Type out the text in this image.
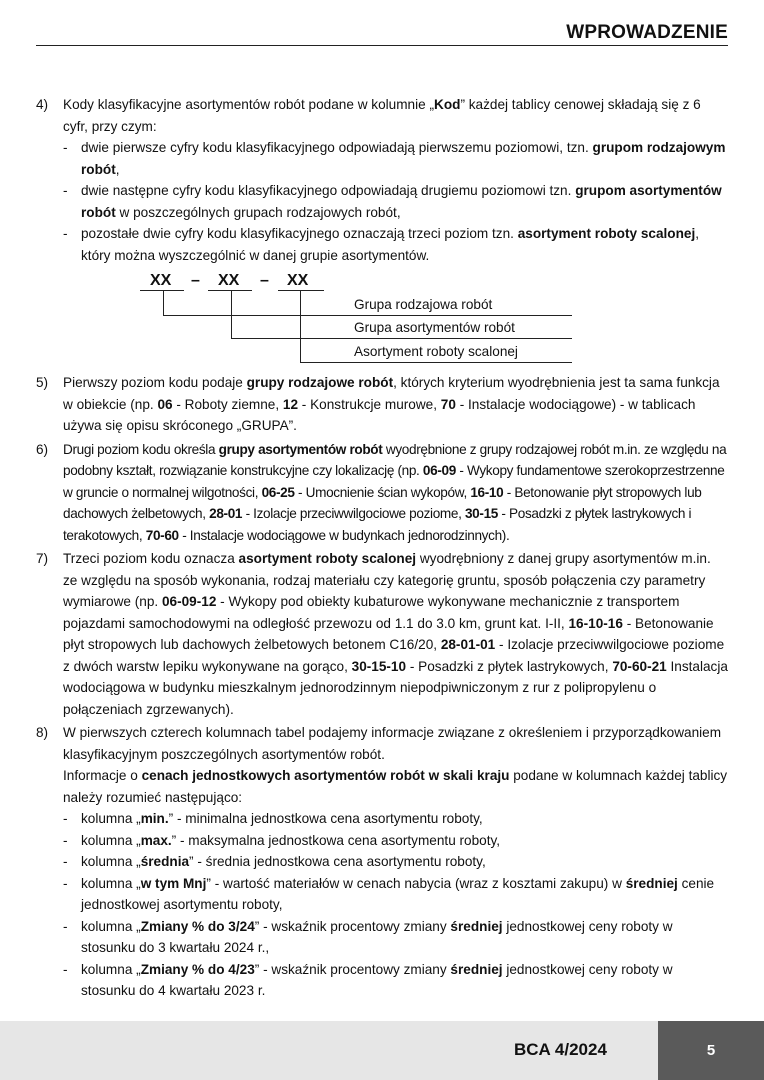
WPROWADZENIE
4) Kody klasyfikacyjne asortymentów robót podane w kolumnie „Kod” każdej tablicy cenowej składają się z 6 cyfr, przy czym:

- dwie pierwsze cyfry kodu klasyfikacyjnego odpowiadają pierwszemu poziomowi, tzn. grupom rodzajowym robót,
- dwie następne cyfry kodu klasyfikacyjnego odpowiadają drugiemu poziomowi tzn. grupom asortymentów robót w poszczególnych grupach rodzajowych robót,
- pozostałe dwie cyfry kodu klasyfikacyjnego oznaczają trzeci poziom tzn. asortyment roboty scalonej, który można wyszczególnić w danej grupie asortymentów.
XX – XX – XX
Grupa rodzajowa robót
Grupa asortymentów robót
Asortyment roboty scalonej
5) Pierwszy poziom kodu podaje grupy rodzajowe robót, których kryterium wyodrębnienia jest ta sama funkcja w obiekcie (np. 06 - Roboty ziemne, 12 - Konstrukcje murowe, 70 - Instalacje wodociągowe) - w tablicach używa się opisu skróconego „GRUPA”.

6) Drugi poziom kodu określa grupy asortymentów robót wyodrębnione z grupy rodzajowej robót m.in. ze względu na podobny kształt, rozwiązanie konstrukcyjne czy lokalizację (np. 06-09 - Wykopy fundamentowe szerokoprzestrzenne w gruncie o normalnej wilgotności, 06-25 - Umocnienie ścian wykopów, 16-10 - Betonowanie płyt stropowych lub dachowych żelbetowych, 28-01 - Izolacje przeciwwilgociowe poziome, 30-15 - Posadzki z płytek lastrykowych i terakotowych, 70-60 - Instalacje wodociągowe w budynkach jednorodzinnych).

7) Trzeci poziom kodu oznacza asortyment roboty scalonej wyodrębniony z danej grupy asortymentów m.in. ze względu na sposób wykonania, rodzaj materiału czy kategorię gruntu, sposób połączenia czy parametry wymiarowe (np. 06-09-12 - Wykopy pod obiekty kubaturowe wykonywane mechanicznie z transportem pojazdami samochodowymi na odległość przewozu od 1.1 do 3.0 km, grunt kat. I-II, 16-10-16 - Betonowanie płyt stropowych lub dachowych żelbetowych betonem C16/20, 28-01-01 - Izolacje przeciwwilgociowe poziome z dwóch warstw lepiku wykonywane na gorąco, 30-15-10 - Posadzki z płytek lastrykowych, 70-60-21 Instalacja wodociągowa w budynku mieszkalnym jednorodzinnym niepodpiwniczonym z rur z polipropylenu o połączeniach zgrzewanych).

8) W pierwszych czterech kolumnach tabel podajemy informacje związane z określeniem i przyporządkowaniem klasyfikacyjnym poszczególnych asortymentów robót.

Informacje o cenach jednostkowych asortymentów robót w skali kraju podane w kolumnach każdej tablicy należy rozumieć następująco:

- kolumna „min.” - minimalna jednostkowa cena asortymentu roboty,
- kolumna „max.” - maksymalna jednostkowa cena asortymentu roboty,
- kolumna „średnia” - średnia jednostkowa cena asortymentu roboty,
- kolumna „w tym Mnj” - wartość materiałów w cenach nabycia (wraz z kosztami zakupu) w średniej cenie jednostkowej asortymentu roboty,
- kolumna „Zmiany % do 3/24” - wskaźnik procentowy zmiany średniej jednostkowej ceny roboty w stosunku do 3 kwartału 2024 r.,
- kolumna „Zmiany % do 4/23” - wskaźnik procentowy zmiany średniej jednostkowej ceny roboty w stosunku do 4 kwartału 2023 r.
BCA 4/2024	5
